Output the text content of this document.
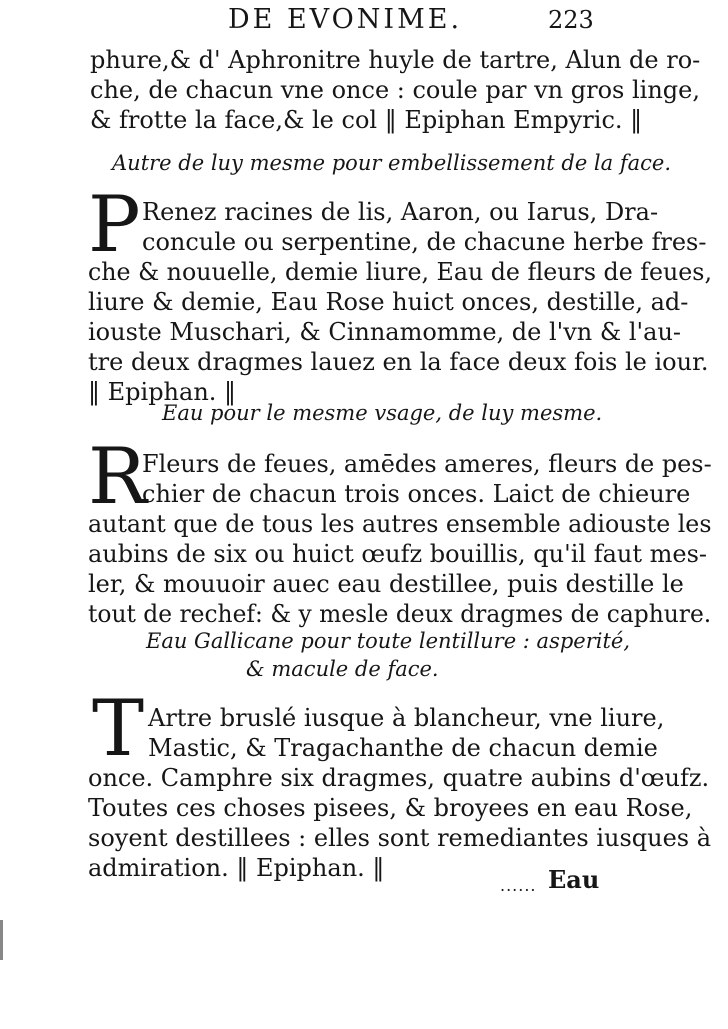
DE EVONIME.	223
phure,& d' Aphronitre huyle de tartre, Alun de ro-
che, de chacun vne once : coule par vn gros linge,
& frotte la face,& le col ‖ Epiphan Empyric. ‖
Autre de luy mesme pour embellissement de la face.
P Renez racines de lis, Aaron, ou Iarus, Dra-
concule ou serpentine, de chacune herbe fres-
che & nouuelle, demie liure, Eau de fleurs de feues,
liure & demie, Eau Rose huict onces, destille, ad-
iouste Muschari, & Cinnamomme, de l'vn & l'au-
tre deux dragmes lauez en la face deux fois le iour.
‖ Epiphan. ‖
Eau pour le mesme vsage, de luy mesme.
R
Fleurs de feues, amēdes ameres, fleurs de pes-
chier de chacun trois onces. Laict de chieure
autant que de tous les autres ensemble adiouste les
aubins de six ou huict œufz bouillis, qu'il faut mes-
ler, & mouuoir auec eau destillee, puis destille le
tout de rechef: & y mesle deux dragmes de caphure.
Eau Gallicane pour toute lentillure : asperité,
& macule de face.
T Artre bruslé iusque à blancheur, vne liure,
Mastic, & Tragachanthe de chacun demie
once. Camphre six dragmes, quatre aubins d'œufz.
Toutes ces choses pisees, & broyees en eau Rose,
soyent destillees : elles sont remediantes iusques à
admiration. ‖ Epiphan. ‖
...... Eau
